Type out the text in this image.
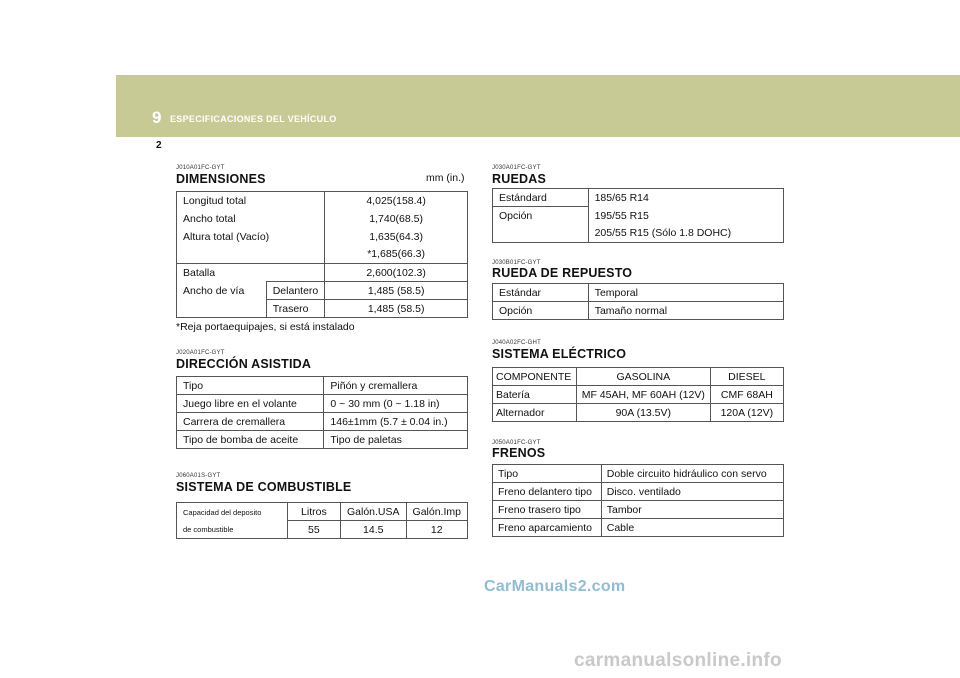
9 ESPECIFICACIONES DEL VEHÍCULO
2
J010A01FC-GYT
DIMENSIONES	mm (in.)
Longitud total		4,025(158.4)
Ancho total		1,740(68.5)
Altura total (Vacío)		1,635(64.3)
		*1,685(66.3)
Batalla		2,600(102.3)
Ancho de vía	Delantero	1,485 (58.5)
	Trasero	1,485 (58.5)
*Reja portaequipajes, si está instalado
J020A01FC-GYT
DIRECCIÓN ASISTIDA
Tipo	Piñón y cremallera
Juego libre en el volante	0 ~ 30 mm (0 ~ 1.18 in)
Carrera de cremallera	146±1mm (5.7 ± 0.04 in.)
Tipo de bomba de aceite	Tipo de paletas
J060A01S-GYT
SISTEMA DE COMBUSTIBLE
Capacidad del deposito
de combustible	Litros	Galón.USA	Galón.Imp
	55	14.5	12
J030A01FC-GYT
RUEDAS
Estándard	185/65 R14
Opción	195/55 R15
	205/55 R15 (Sólo 1.8 DOHC)
J030B01FC-GYT
RUEDA DE REPUESTO
Estándar	Temporal
Opción	Tamaño normal
J040A02FC-GHT
SISTEMA ELÉCTRICO
COMPONENTE	GASOLINA	DIESEL
Batería	MF 45AH, MF 60AH (12V)	CMF 68AH
Alternador	90A (13.5V)	120A (12V)
J050A01FC-GYT
FRENOS
Tipo	Doble circuito hidráulico con servo
Freno delantero tipo	Disco. ventilado
Freno trasero tipo	Tambor
Freno aparcamiento	Cable
CarManuals2.com
carmanualsonline.info
